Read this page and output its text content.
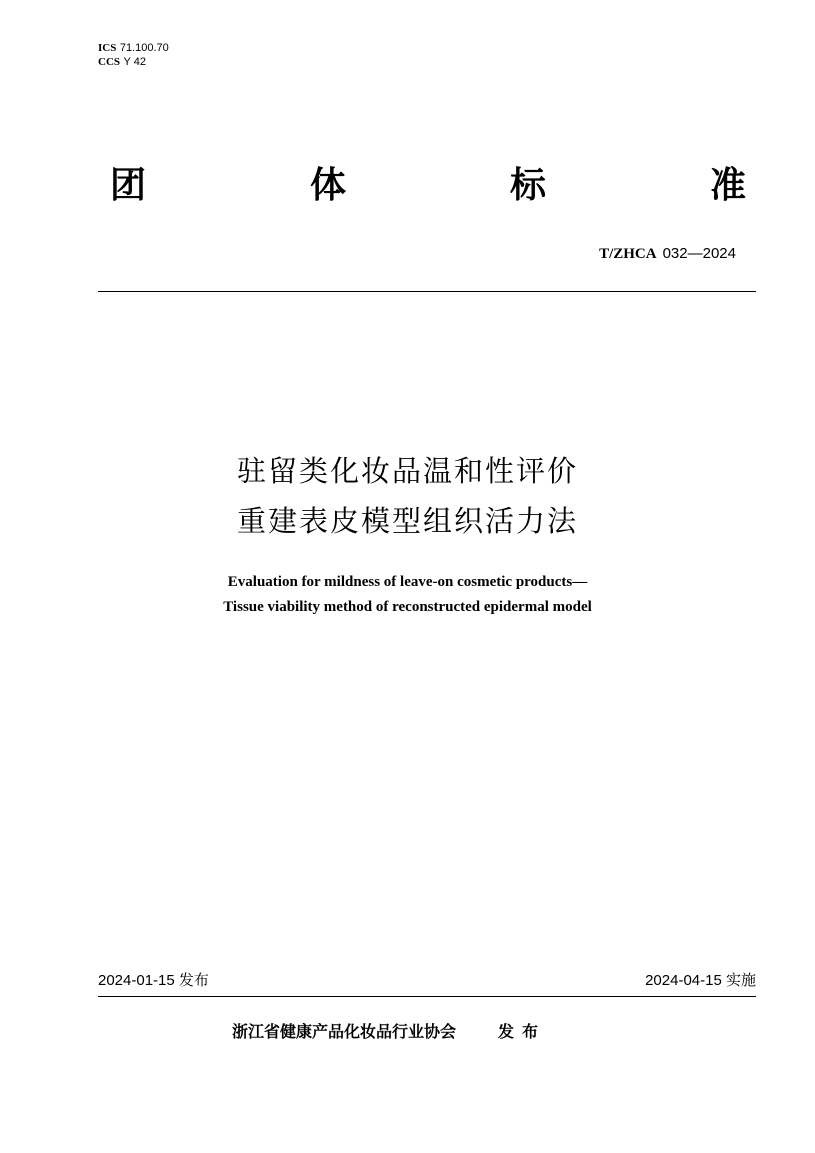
ICS 71.100.70
CCS Y 42
团	体	标	准
T/ZHCA 032—2024
驻留类化妆品温和性评价
重建表皮模型组织活力法
Evaluation for mildness of leave-on cosmetic products—
Tissue viability method of reconstructed epidermal model
2024-01-15 发布	2024-04-15 实施
浙江省健康产品化妆品行业协会	发布
